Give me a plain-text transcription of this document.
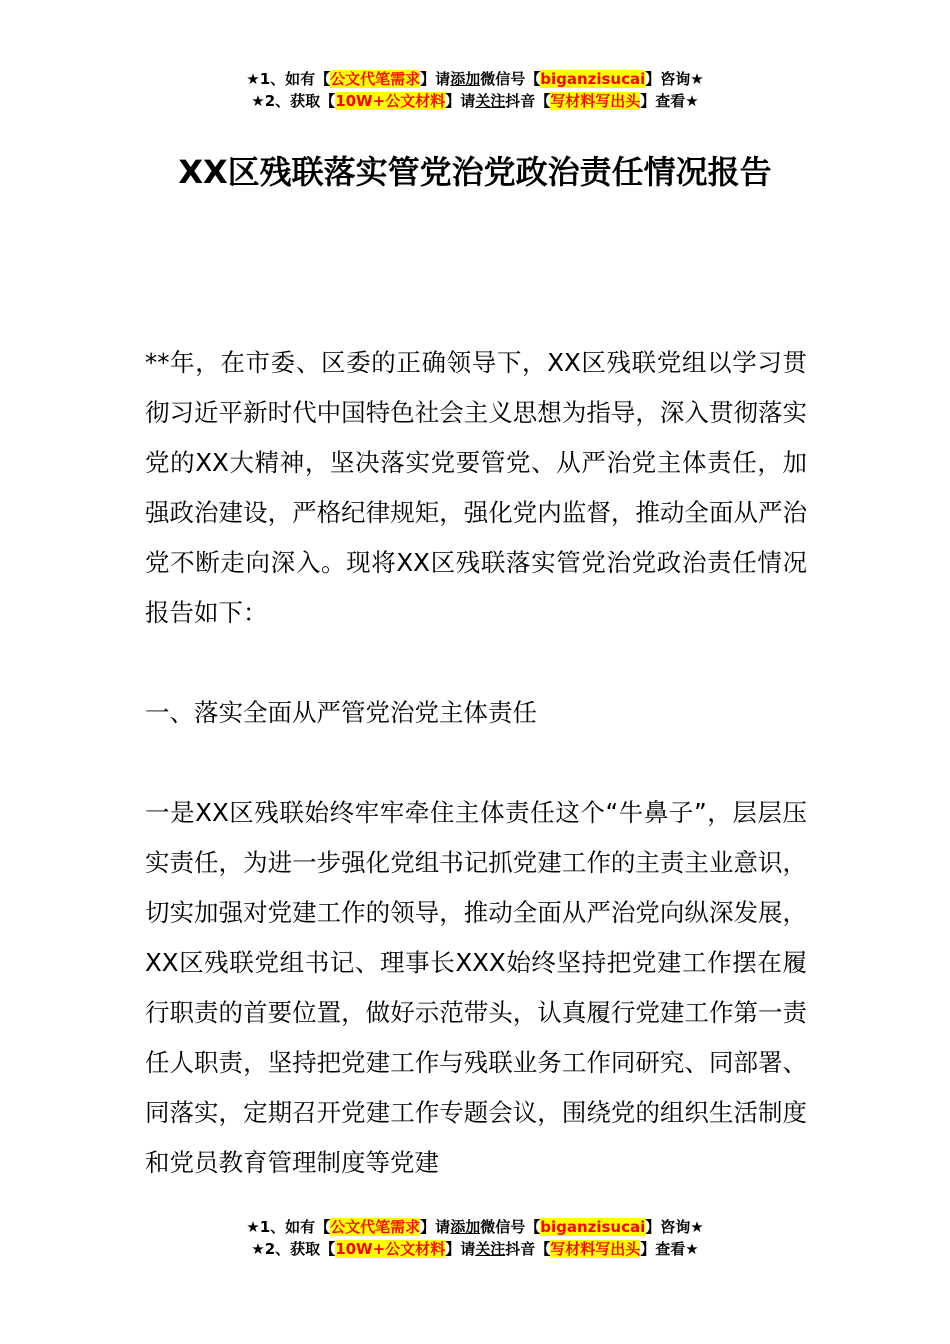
★1、如有【公文代笔需求】请添加微信号【biganzisucai】咨询★
★2、获取【10W+公文材料】请关注抖音【写材料写出头】查看★
XX区残联落实管党治党政治责任情况报告

**年，在市委、区委的正确领导下，XX区残联党组以学习贯彻习近平新时代中国特色社会主义思想为指导，深入贯彻落实党的XX大精神，坚决落实党要管党、从严治党主体责任，加强政治建设，严格纪律规矩，强化党内监督，推动全面从严治党不断走向深入。现将XX区残联落实管党治党政治责任情况报告如下：

一、落实全面从严管党治党主体责任

一是XX区残联始终牢牢牵住主体责任这个“牛鼻子”，层层压实责任，为进一步强化党组书记抓党建工作的主责主业意识，切实加强对党建工作的领导，推动全面从严治党向纵深发展，XX区残联党组书记、理事长XXX始终坚持把党建工作摆在履行职责的首要位置，做好示范带头，认真履行党建工作第一责任人职责，坚持把党建工作与残联业务工作同研究、同部署、同落实，定期召开党建工作专题会议，围绕党的组织生活制度和党员教育管理制度等党建

★1、如有【公文代笔需求】请添加微信号【biganzisucai】咨询★
★2、获取【10W+公文材料】请关注抖音【写材料写出头】查看★
